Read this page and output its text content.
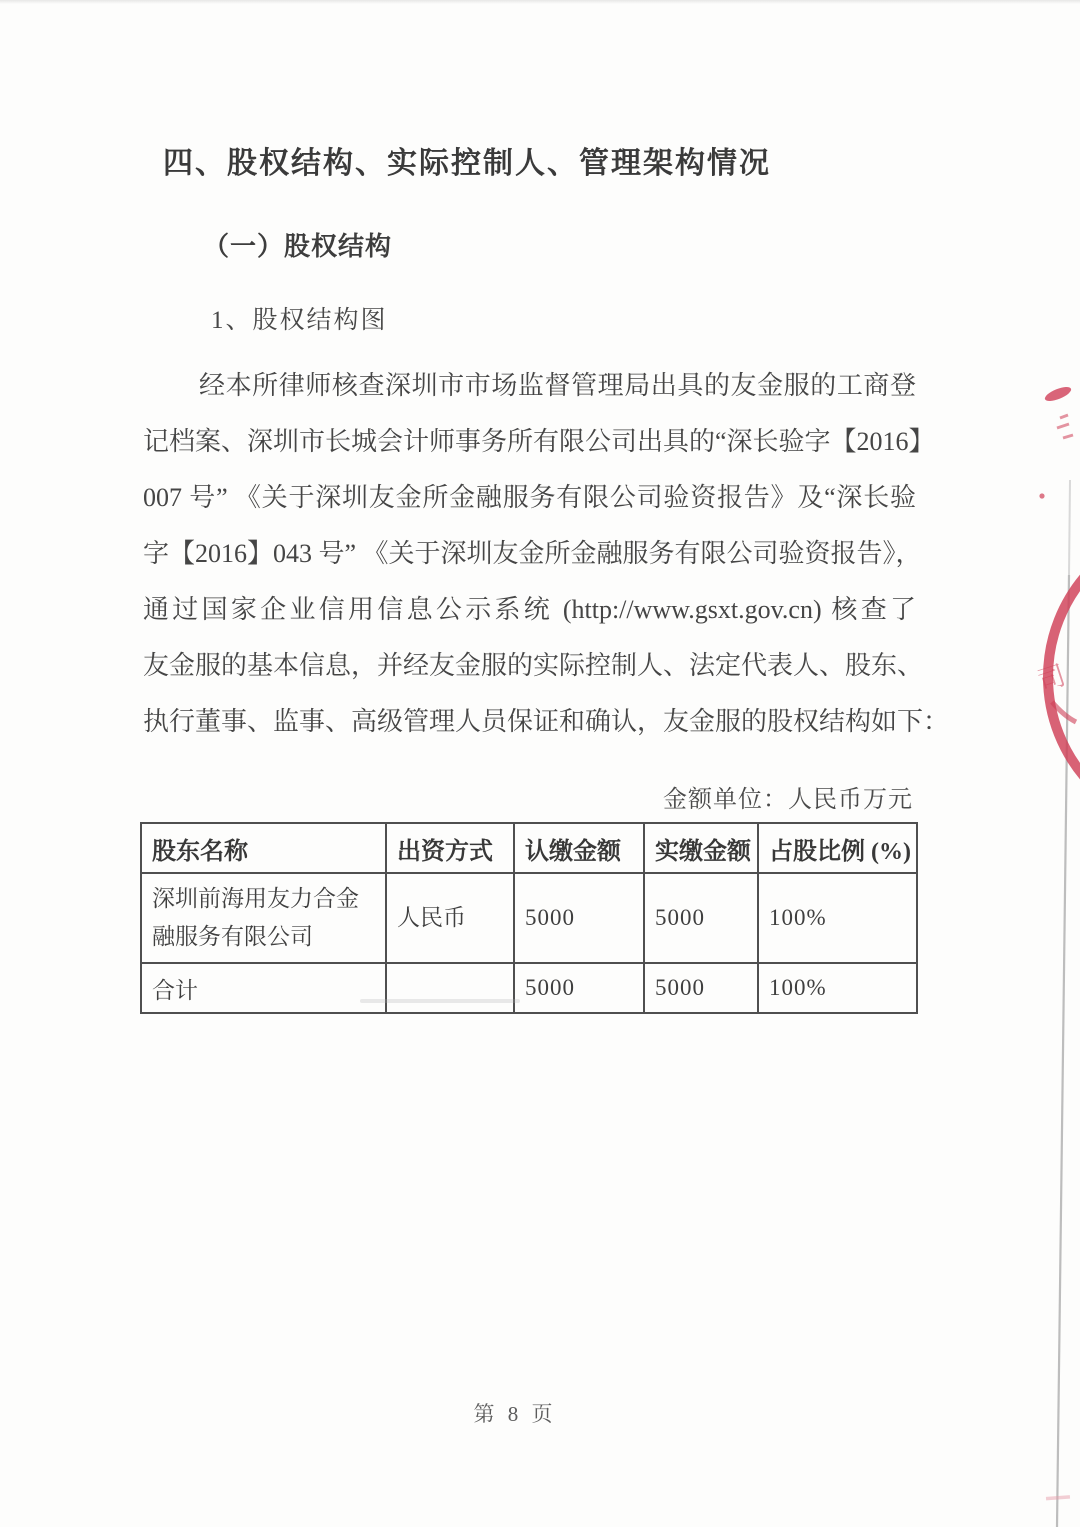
四、股权结构、实际控制人、管理架构情况
（一）股权结构
1、股权结构图
经本所律师核查深圳市市场监督管理局出具的友金服的工商登
记档案、深圳市长城会计师事务所有限公司出具的“深长验字【2016】
007 号” 《关于深圳友金所金融服务有限公司验资报告》及“深长验
字【2016】043 号” 《关于深圳友金所金融服务有限公司验资报告》，
通过国家企业信用信息公示系统 (http://www.gsxt.gov.cn) 核查了
友金服的基本信息，并经友金服的实际控制人、法定代表人、股东、
执行董事、监事、高级管理人员保证和确认，友金服的股权结构如下：
金额单位：人民币万元
股东名称	出资方式	认缴金额	实缴金额	占股比例 (%)
深圳前海用友力合金融服务有限公司	人民币	5000	5000	100%
合计		5000	5000	100%
第 8 页
司
